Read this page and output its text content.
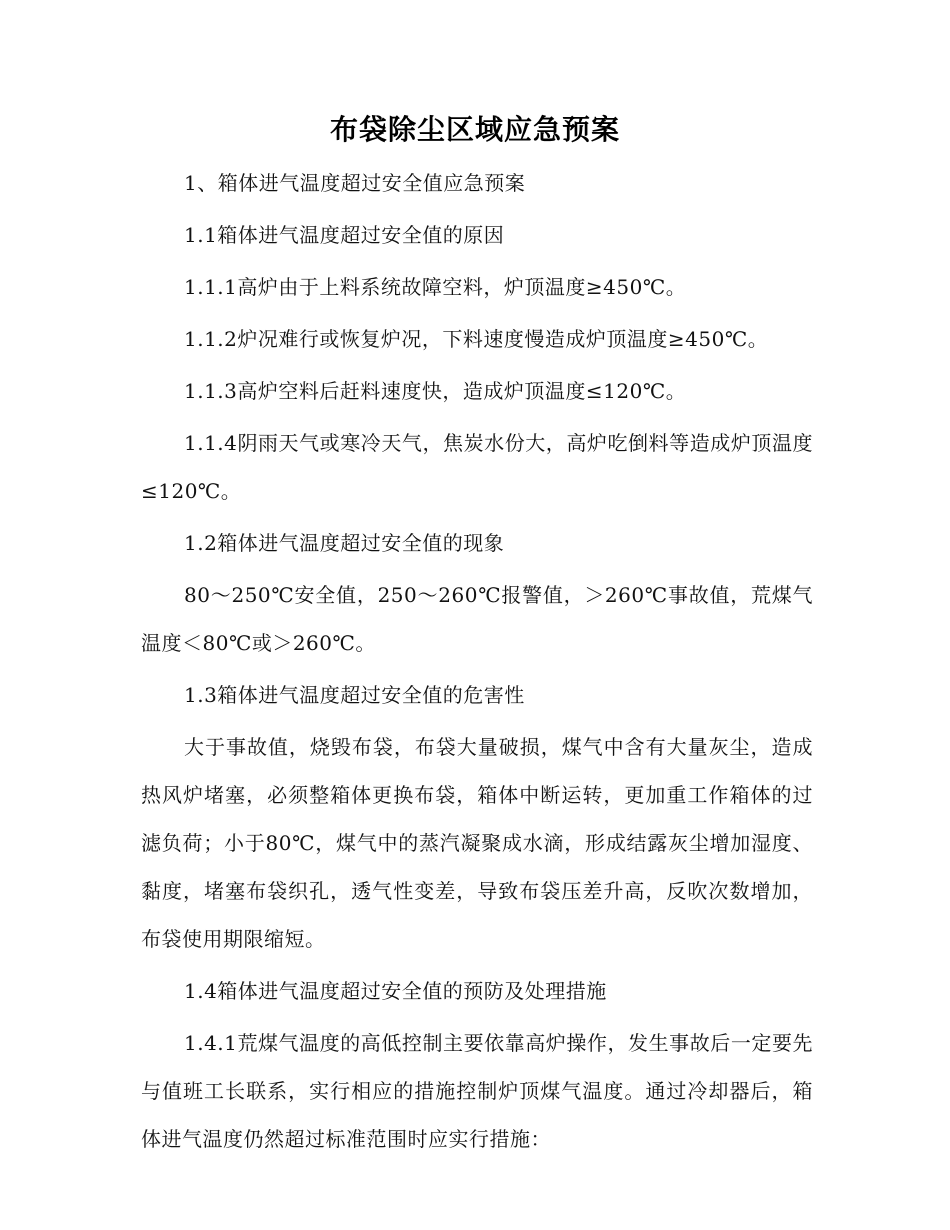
布袋除尘区域应急预案

1、箱体进气温度超过安全值应急预案

1.1箱体进气温度超过安全值的原因

1.1.1高炉由于上料系统故障空料，炉顶温度≥450℃。

1.1.2炉况难行或恢复炉况，下料速度慢造成炉顶温度≥450℃。

1.1.3高炉空料后赶料速度快，造成炉顶温度≤120℃。

1.1.4阴雨天气或寒冷天气，焦炭水份大，高炉吃倒料等造成炉顶温度≤120℃。

1.2箱体进气温度超过安全值的现象

80～250℃安全值，250～260℃报警值，＞260℃事故值，荒煤气温度＜80℃或＞260℃。

1.3箱体进气温度超过安全值的危害性

大于事故值，烧毁布袋，布袋大量破损，煤气中含有大量灰尘，造成热风炉堵塞，必须整箱体更换布袋，箱体中断运转，更加重工作箱体的过滤负荷；小于80℃，煤气中的蒸汽凝聚成水滴，形成结露灰尘增加湿度、黏度，堵塞布袋织孔，透气性变差，导致布袋压差升高，反吹次数增加，布袋使用期限缩短。

1.4箱体进气温度超过安全值的预防及处理措施

1.4.1荒煤气温度的高低控制主要依靠高炉操作，发生事故后一定要先与值班工长联系，实行相应的措施控制炉顶煤气温度。通过冷却器后，箱体进气温度仍然超过标准范围时应实行措施：
